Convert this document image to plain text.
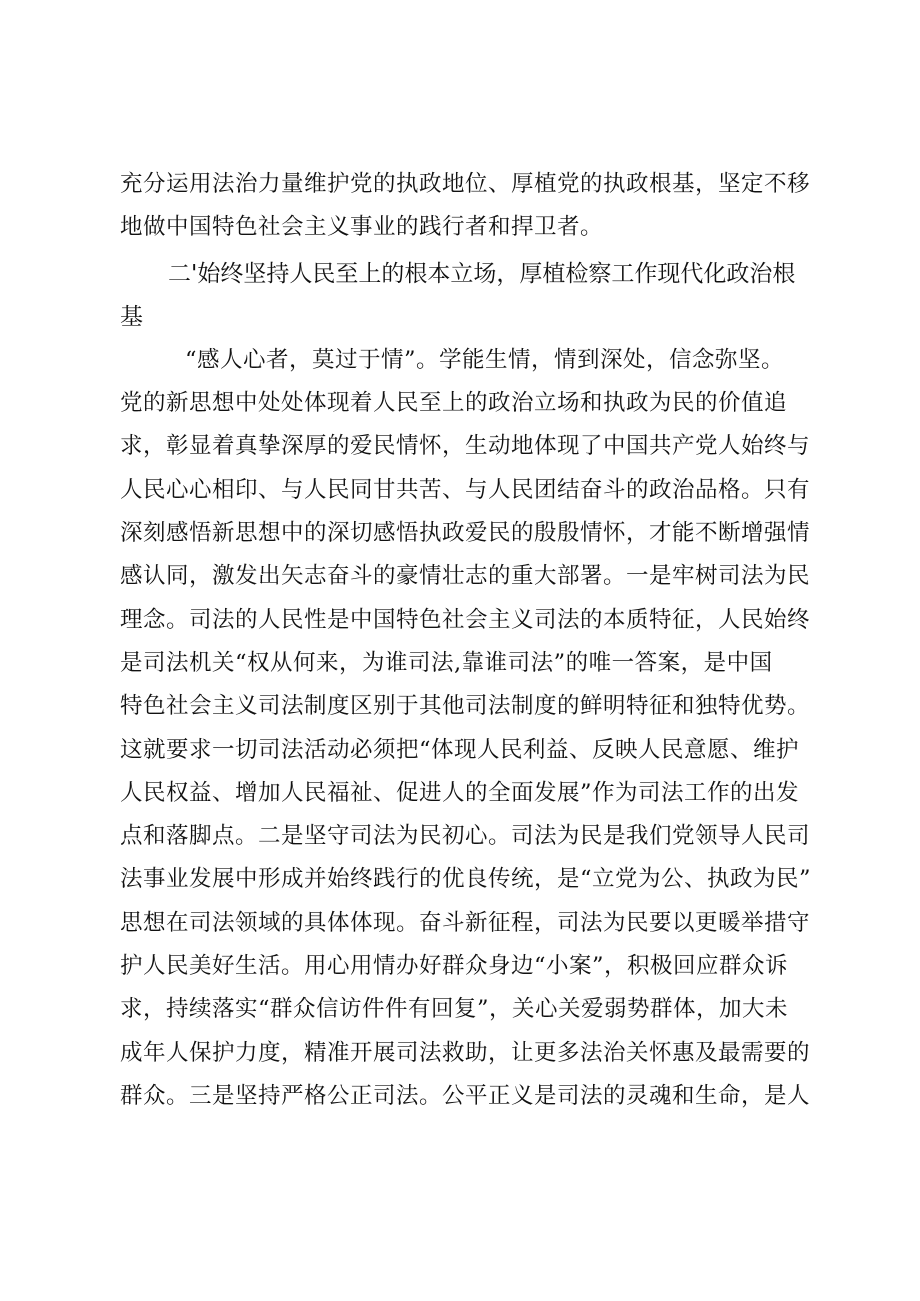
充分运用法治力量维护党的执政地位、厚植党的执政根基，坚定不移
地做中国特色社会主义事业的践行者和捍卫者。
二'始终坚持人民至上的根本立场，厚植检察工作现代化政治根
基
“感人心者，莫过于情”。学能生情，情到深处，信念弥坚。
党的新思想中处处体现着人民至上的政治立场和执政为民的价值追
求，彰显着真挚深厚的爱民情怀，生动地体现了中国共产党人始终与
人民心心相印、与人民同甘共苦、与人民团结奋斗的政治品格。只有
深刻感悟新思想中的深切感悟执政爱民的殷殷情怀，才能不断增强情
感认同，激发出矢志奋斗的豪情壮志的重大部署。一是牢树司法为民
理念。司法的人民性是中国特色社会主义司法的本质特征，人民始终
是司法机关“权从何来，为谁司法,靠谁司法”的唯一答案，是中国
特色社会主义司法制度区别于其他司法制度的鲜明特征和独特优势。
这就要求一切司法活动必须把“体现人民利益、反映人民意愿、维护
人民权益、增加人民福祉、促进人的全面发展”作为司法工作的出发
点和落脚点。二是坚守司法为民初心。司法为民是我们党领导人民司
法事业发展中形成并始终践行的优良传统，是“立党为公、执政为民”
思想在司法领域的具体体现。奋斗新征程，司法为民要以更暖举措守
护人民美好生活。用心用情办好群众身边“小案”，积极回应群众诉
求，持续落实“群众信访件件有回复”，关心关爱弱势群体，加大未
成年人保护力度，精准开展司法救助，让更多法治关怀惠及最需要的
群众。三是坚持严格公正司法。公平正义是司法的灵魂和生命，是人
